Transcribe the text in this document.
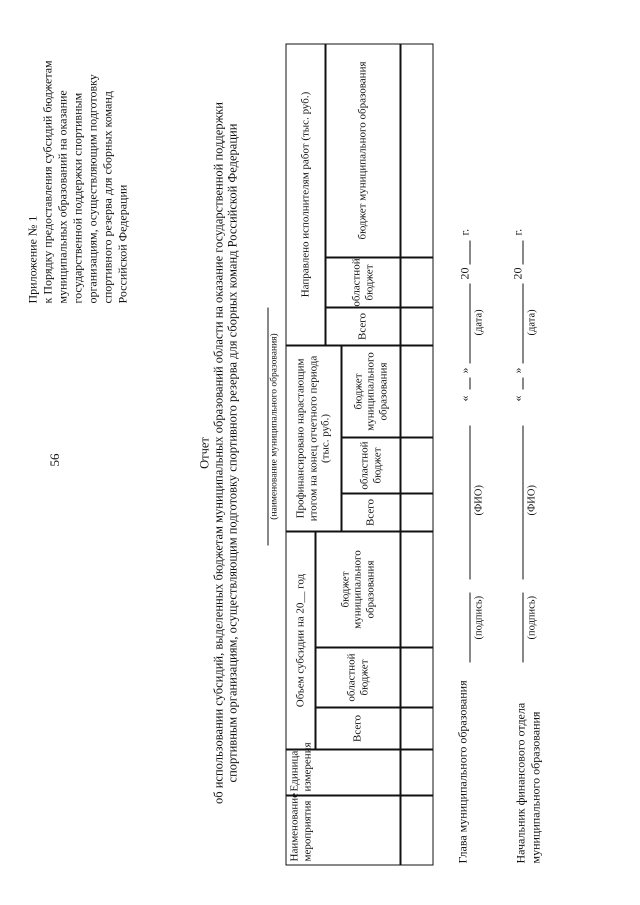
56
Приложение № 1 к Порядку предоставления субсидий бюджетам муниципальных образований на оказание государственной поддержки спортивным организациям, осуществляющим подготовку спортивного резерва для сборных команд Российской Федерации
Отчет об использовании субсидий, выделенных бюджетам муниципальных образований области на оказание государственной поддержки спортивным организациям, осуществляющим подготовку спортивного резерва для сборных команд Российской Федерации	(наименование муниципального образования)
Наименование мероприятия
Единица измерения
Объем субсидии на 20__ год
Всего
областной бюджет
бюджет муниципального образования
Профинансировано нарастающим итогом на конец отчетного периода (тыс. руб.)
Всего
областной бюджет
бюджет муниципального образования
Направлено исполнителям работ (тыс. руб.)
Всего
областной бюджет
бюджет муниципального образования
Глава муниципального образования
«
»
20
г.
(подпись)
(ФИО)
(дата)
Начальник финансового отдела муниципального образования
«
»
20
г.
(подпись)
(ФИО)
(дата)
